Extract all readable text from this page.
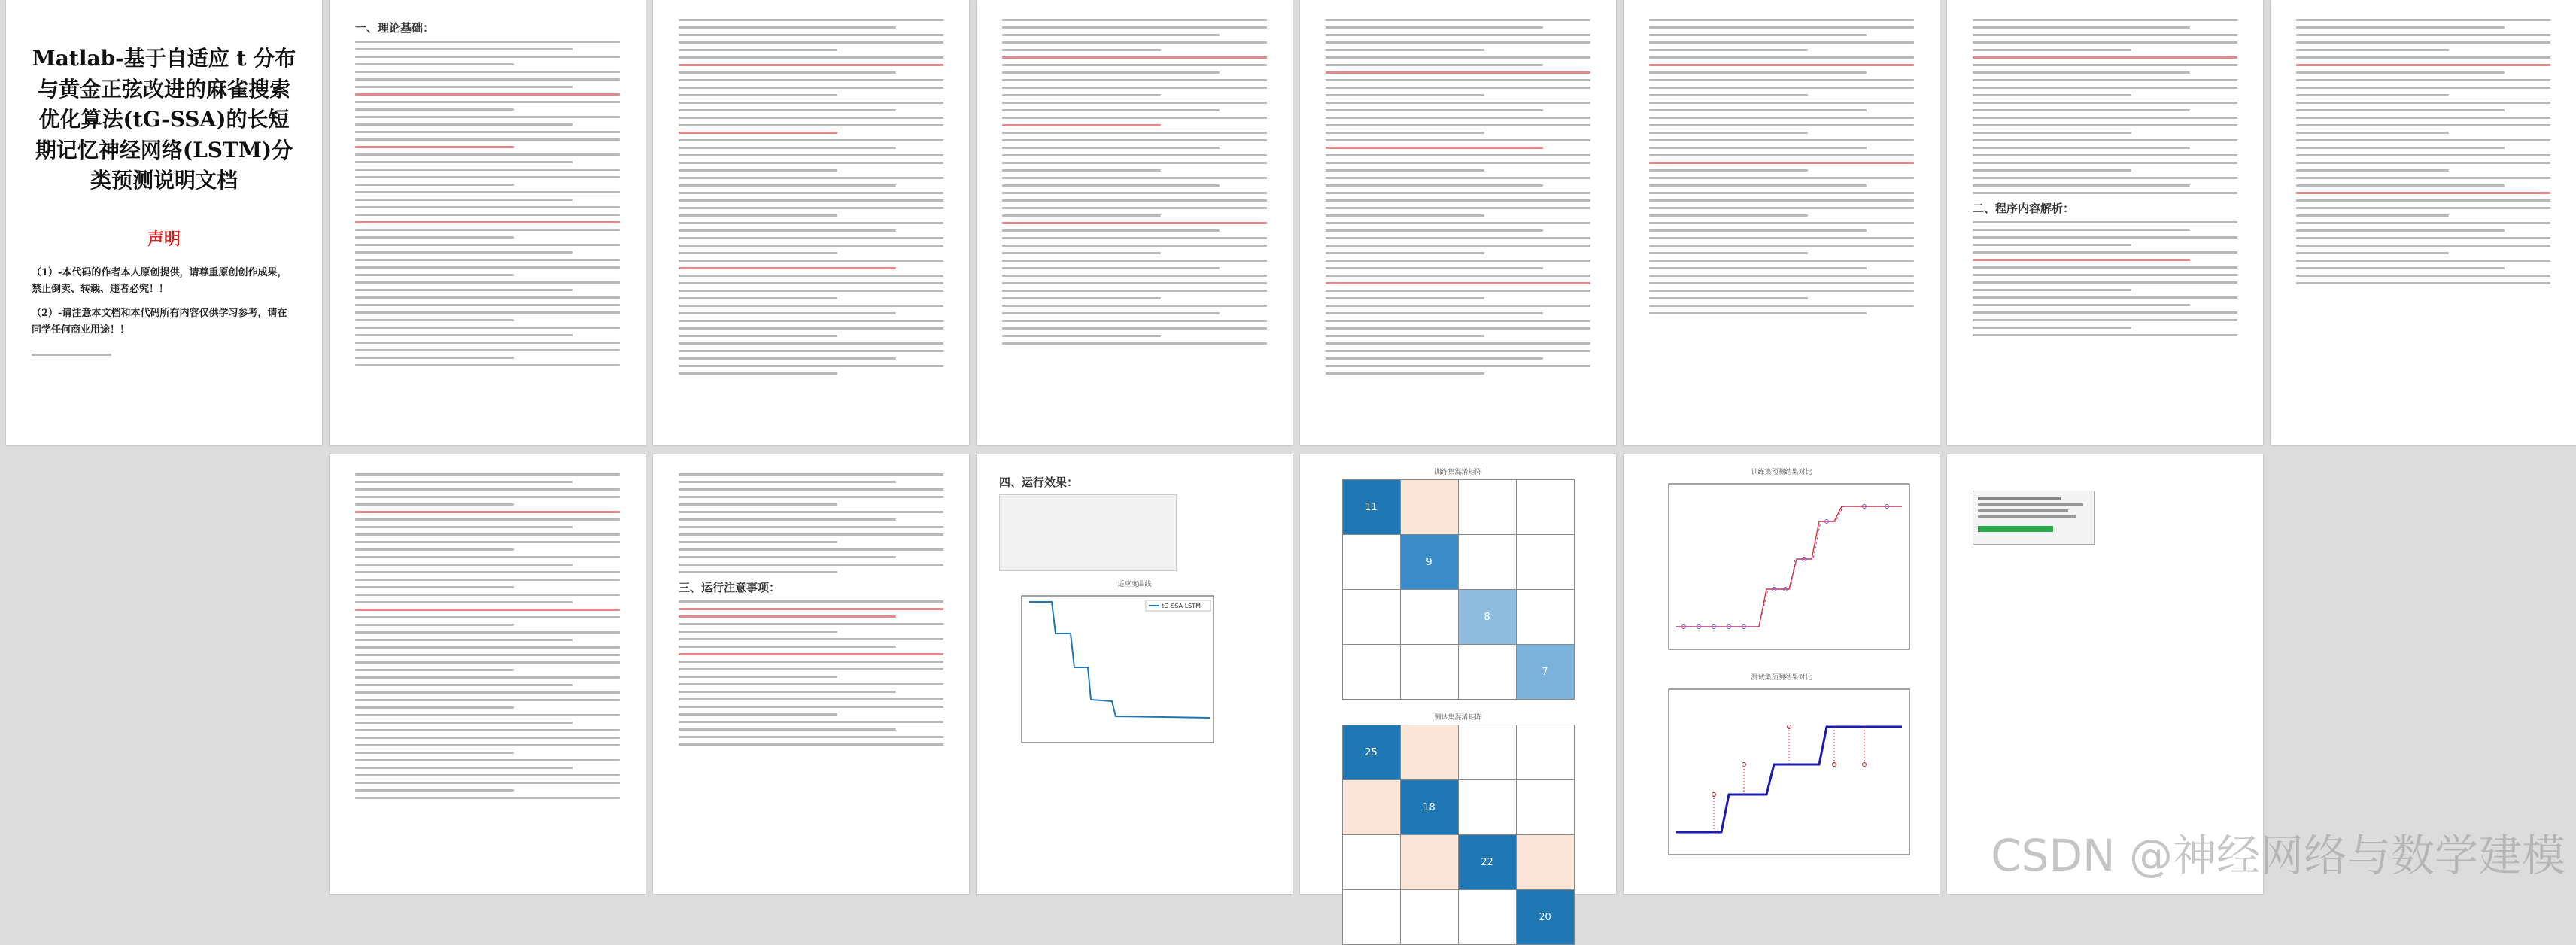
Matlab-基于自适应 t 分布与黄金正弦改进的麻雀搜索优化算法(tG-SSA)的长短期记忆神经网络(LSTM)分类预测说明文档
声明
（1）-本代码的作者本人原创提供，请尊重原创创作成果，禁止倒卖、转载、违者必究！！
（2）-请注意本文档和本代码所有内容仅供学习参考，请在同学任何商业用途！！
一、理论基础：
二、程序内容解析：
三、运行注意事项：
四、运行效果：
适应度曲线
tG-SSA-LSTM
训练集混淆矩阵
11			
	9		
		8	
			7
测试集混淆矩阵
25			
	18		
		22	
			20
训练集预测结果对比
测试集预测结果对比
CSDN @神经网络与数学建模
